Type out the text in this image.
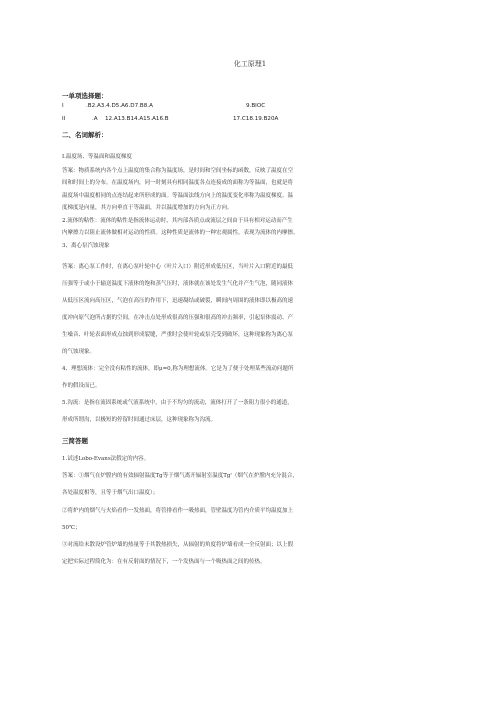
化工原理1
一单项选择题：
I	.B2.A3.4.D5.A6.D7.B8.A	9.BIOC
II	.A 12.A13.B14.A15.A16.B	17.C18.19.B20A
二、名词解析：
I.温度场、等温面和温度梯度
答案：物质系统内各个点上温度的集合称为温度场，是时间和空间坐标的函数，反映了温度在空
间和时间上的分布。在温度场内，同一时刻具有相同温度各点连接成的面称为等温面，也就是将
温度场中温度相同的点连结起来所形成的面。等温面法线方向上的温度变化率称为温度梯度。温
度梯度是向量，其方向垂直于等温面，并以温度增加的方向为正方向。
2.流体的粘性：流体的粘性是指流体运动时，其内部各质点或流层之间由于具有相对运动而产生
内摩擦力以阻止流体做相对运动的性质。这种性质是流体的一种宏观属性，表现为流体的内摩擦。
3、离心泵汽蚀现象
答案：离心泵工作时，在离心泵叶轮中心（叶片入口）附近形成低压区，当叶片入口附近的最低
压强等于或小于输送温度下液体的饱和蒸气压时，液体就在该处发生气化并产生气泡，随同液体
从低压区流向高压区，气泡在高压的作用下，迅速凝结或破裂，瞬间内周围的液体即以极高的速
度冲向原气泡所占据的空间，在冲击点处形成很高的压强和很高的冲击频率，引起泵体震动、产
生噪音、叶轮表面形成点蚀到形成裂缝，严重时会使叶轮或泵壳受到破坏，这种现象称为离心泵
的气蚀现象。
4、理想流体：完全没有粘性的流体，即μ=0,称为理想流体。它是为了便于处理某些流动问题所
作的假设而已。
5.沟流：是指在流固系统或气液系统中，由于不均匀的流动，流体打开了一条阻力很小的通道，
形成所谓沟，以极短的停留时间通过床层，这种现象称为沟流。
三简答题
1.试述Lobo-Evans法假定的内容。
答案：①烟气在炉膛内的有效辐射温度Tg等于烟气离开辐射室温度Tg'（烟气在炉膛内充分混合，
各处温度相等，且等于烟气出口温度）；
②将炉内的烟气与火焰看作一发热面，将管排看作一吸热面，管壁温度为管内介质平均温度加上
50℃；
③对流给未散设炉管炉墙的热量等于其散热损失，从辐射的角度将炉墙看成一全反射面；以上假
定把实际过程简化为：在有反射面的情况下，一个发热面与一个吸热面之间的传热。
